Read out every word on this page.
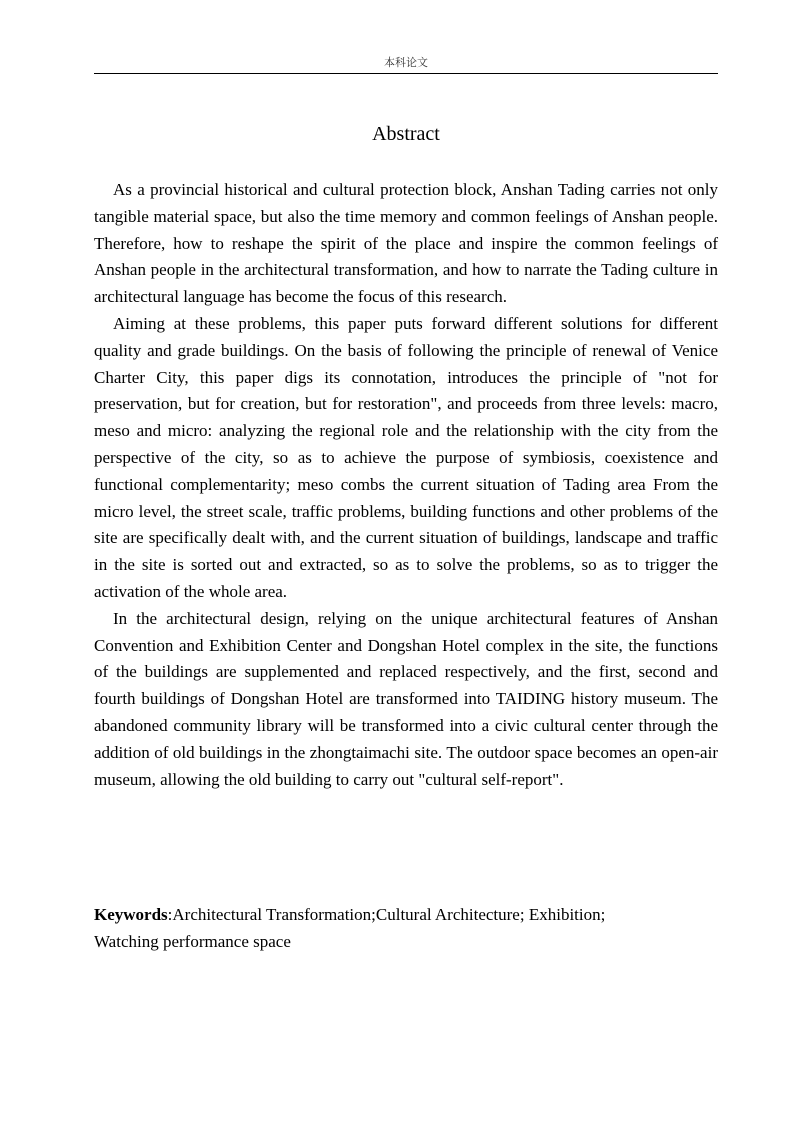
本科论文
Abstract

As a provincial historical and cultural protection block, Anshan Tading carries not only tangible material space, but also the time memory and common feelings of Anshan people. Therefore, how to reshape the spirit of the place and inspire the common feelings of Anshan people in the architectural transformation, and how to narrate the Tading culture in architectural language has become the focus of this research.

Aiming at these problems, this paper puts forward different solutions for different quality and grade buildings. On the basis of following the principle of renewal of Venice Charter City, this paper digs its connotation, introduces the principle of "not for preservation, but for creation, but for restoration", and proceeds from three levels: macro, meso and micro: analyzing the regional role and the relationship with the city from the perspective of the city, so as to achieve the purpose of symbiosis, coexistence and functional complementarity; meso combs the current situation of Tading area From the micro level, the street scale, traffic problems, building functions and other problems of the site are specifically dealt with, and the current situation of buildings, landscape and traffic in the site is sorted out and extracted, so as to solve the problems, so as to trigger the activation of the whole area.

In the architectural design, relying on the unique architectural features of Anshan Convention and Exhibition Center and Dongshan Hotel complex in the site, the functions of the buildings are supplemented and replaced respectively, and the first, second and fourth buildings of Dongshan Hotel are transformed into TAIDING history museum. The abandoned community library will be transformed into a civic cultural center through the addition of old buildings in the zhongtaimachi site. The outdoor space becomes an open-air museum, allowing the old building to carry out "cultural self-report".

Keywords:Architectural Transformation;Cultural Architecture; Exhibition;
Watching performance space
